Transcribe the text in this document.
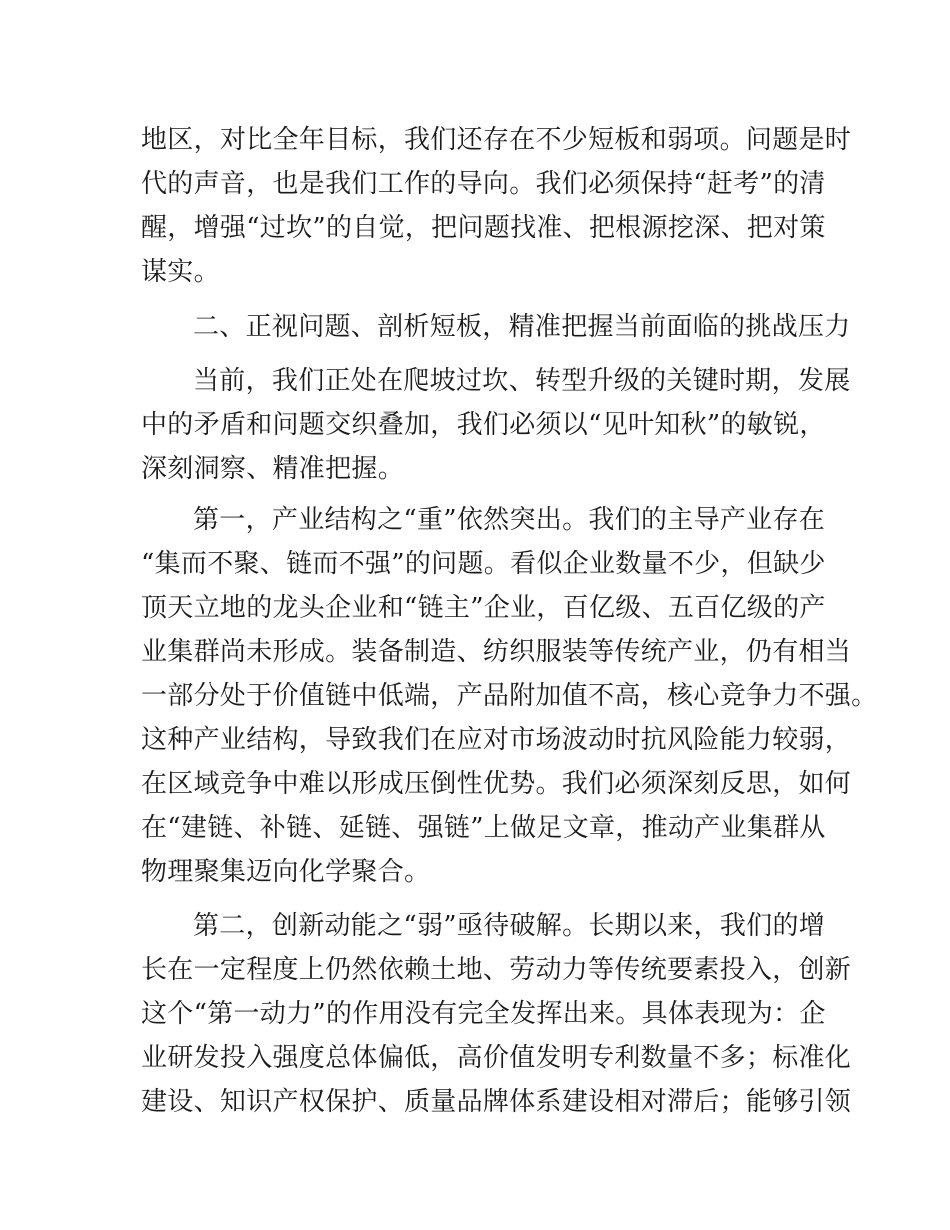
地区，对比全年目标，我们还存在不少短板和弱项。问题是时
代的声音，也是我们工作的导向。我们必须保持“赶考”的清
醒，增强“过坎”的自觉，把问题找准、把根源挖深、把对策
谋实。
二、正视问题、剖析短板，精准把握当前面临的挑战压力
当前，我们正处在爬坡过坎、转型升级的关键时期，发展
中的矛盾和问题交织叠加，我们必须以“见叶知秋”的敏锐，
深刻洞察、精准把握。
第一，产业结构之“重”依然突出。我们的主导产业存在
“集而不聚、链而不强”的问题。看似企业数量不少，但缺少
顶天立地的龙头企业和“链主”企业，百亿级、五百亿级的产
业集群尚未形成。装备制造、纺织服装等传统产业，仍有相当
一部分处于价值链中低端，产品附加值不高，核心竞争力不强。
这种产业结构，导致我们在应对市场波动时抗风险能力较弱，
在区域竞争中难以形成压倒性优势。我们必须深刻反思，如何
在“建链、补链、延链、强链”上做足文章，推动产业集群从
物理聚集迈向化学聚合。
第二，创新动能之“弱”亟待破解。长期以来，我们的增
长在一定程度上仍然依赖土地、劳动力等传统要素投入，创新
这个“第一动力”的作用没有完全发挥出来。具体表现为：企
业研发投入强度总体偏低，高价值发明专利数量不多；标准化
建设、知识产权保护、质量品牌体系建设相对滞后；能够引领
